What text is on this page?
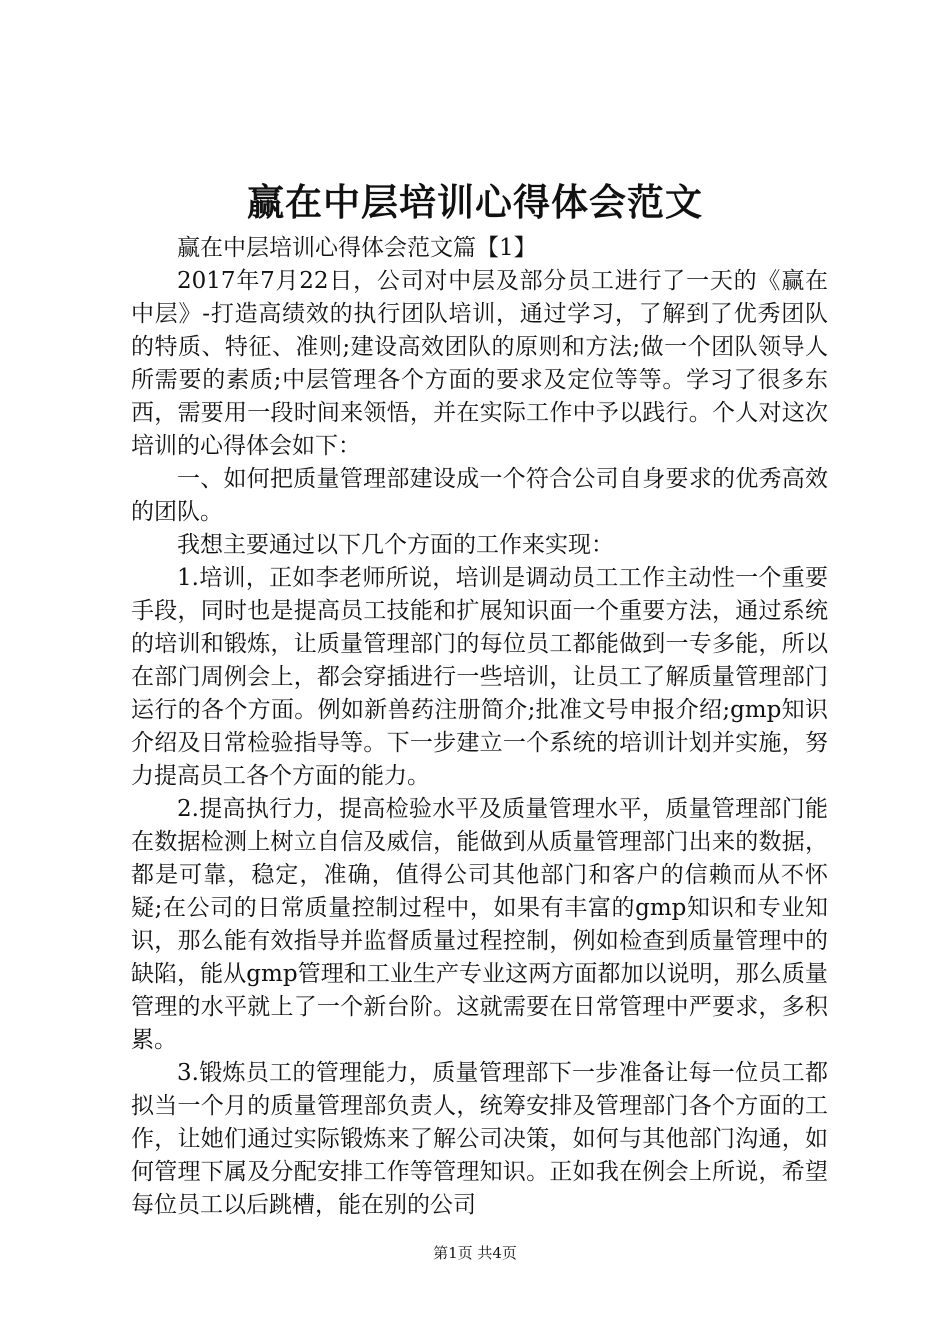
赢在中层培训心得体会范文

赢在中层培训心得体会范文篇【1】

2017年7月22日，公司对中层及部分员工进行了一天的《赢在中层》-打造高绩效的执行团队培训，通过学习，了解到了优秀团队的特质、特征、准则;建设高效团队的原则和方法;做一个团队领导人所需要的素质;中层管理各个方面的要求及定位等等。学习了很多东西，需要用一段时间来领悟，并在实际工作中予以践行。个人对这次培训的心得体会如下：

一、如何把质量管理部建设成一个符合公司自身要求的优秀高效的团队。

我想主要通过以下几个方面的工作来实现：

1.培训，正如李老师所说，培训是调动员工工作主动性一个重要手段，同时也是提高员工技能和扩展知识面一个重要方法，通过系统的培训和锻炼，让质量管理部门的每位员工都能做到一专多能，所以在部门周例会上，都会穿插进行一些培训，让员工了解质量管理部门运行的各个方面。例如新兽药注册简介;批准文号申报介绍;gmp知识介绍及日常检验指导等。下一步建立一个系统的培训计划并实施，努力提高员工各个方面的能力。

2.提高执行力，提高检验水平及质量管理水平，质量管理部门能在数据检测上树立自信及威信，能做到从质量管理部门出来的数据，都是可靠，稳定，准确，值得公司其他部门和客户的信赖而从不怀疑;在公司的日常质量控制过程中，如果有丰富的gmp知识和专业知识，那么能有效指导并监督质量过程控制，例如检查到质量管理中的缺陷，能从gmp管理和工业生产专业这两方面都加以说明，那么质量管理的水平就上了一个新台阶。这就需要在日常管理中严要求，多积累。

3.锻炼员工的管理能力，质量管理部下一步准备让每一位员工都拟当一个月的质量管理部负责人，统筹安排及管理部门各个方面的工作，让她们通过实际锻炼来了解公司决策，如何与其他部门沟通，如何管理下属及分配安排工作等管理知识。正如我在例会上所说，希望每位员工以后跳槽，能在别的公司

第1页 共4页
